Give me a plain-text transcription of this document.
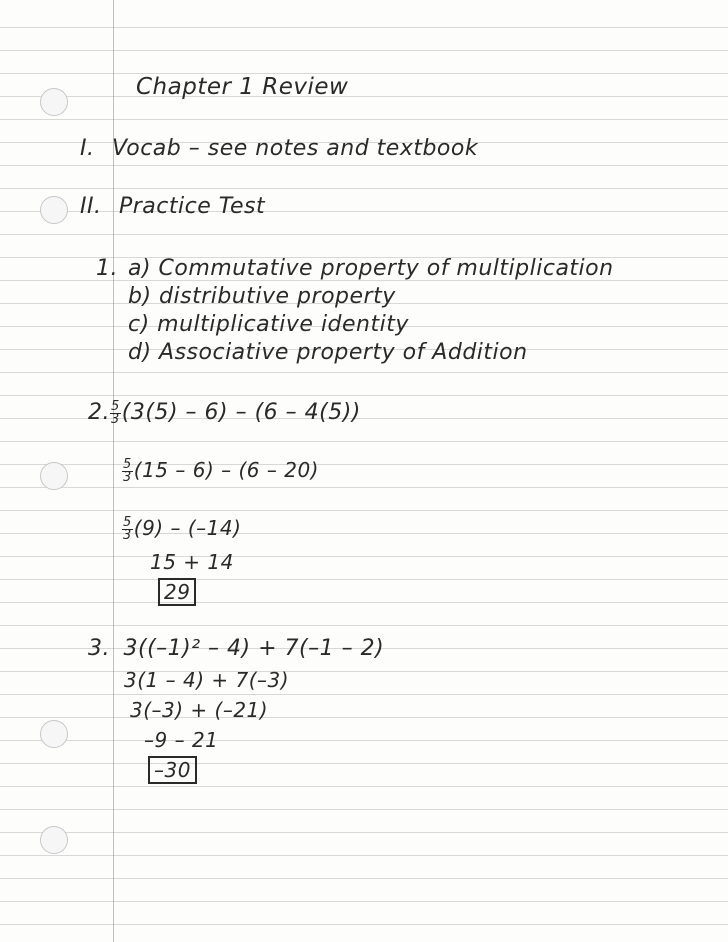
Chapter 1 Review
I. Vocab – see notes and textbook
II. Practice Test
1. a) Commutative property of multiplication
b) distributive property
c) multiplicative identity
d) Associative property of Addition
2. $\frac{5}{3} (3(5) - 6) - (6 - 4(5))$
$\frac{5}{3} (15 - 6) - (6 - 20)$
$\frac{5}{3} (9) - (-14)$
15 + 14
29
3. 3((–1)² – 4) + 7(–1 – 2)
3(1 – 4) + 7(–3)
3(–3) + (–21)
–9 – 21
–30
